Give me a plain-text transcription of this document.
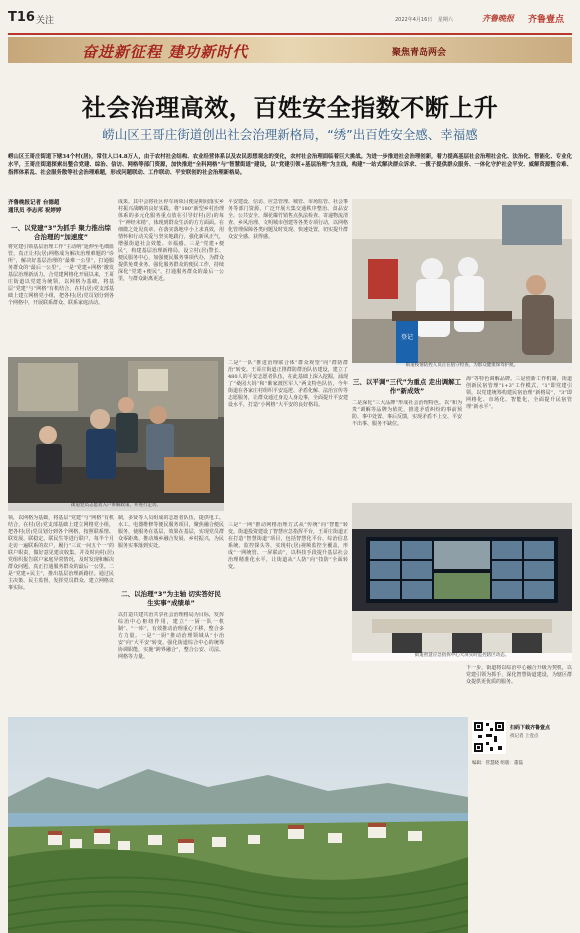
T16 关注	2022年4月16日 星期六	齐鲁晚报 齐鲁壹点
奋进新征程 建功新时代	聚焦青岛两会
社会治理高效，百姓安全指数不断上升
崂山区王哥庄街道创出社会治理新格局，“绣”出百姓安全感、幸福感
崂山区王哥庄街道下辖34个村(居)，常住人口4.8万人，由于农村社会结构、农业经营体系以及农民思想观念的变化，农村社会治理面临着巨大挑战。为进一步推进社会治理创新，着力提高基层社会治理社会化、法治化、智能化、专业化水平，王哥庄街道探索出整合党建、综治、信访、网格等部门资源，加快推进“全科网格”与“智慧街道”建设，以“党建引领+基层治理”为主线，构建“一站式解决群众诉求、一揽子提供群众服务、一体化守护社会平安、威解资源整合难、指挥体系乱、社会服务散等社会治理难题，形成问题联动、工作联动、平安联创的社会治理新格局。
齐鲁晚报记者 台德超
通讯员 李志邦 祝婷婷
一、以党建“3”为抓手 聚力推出综合治理的“加速度”
将党建引领基层治理工作“主动纳”延伸至毛细血管，真正让村(居)网格成为解决治理难题的“诊所”，解决好基层治理的“最难一公里”，打通服务群众的“最后一公里”。一是“党建+网格”激发基层治理新活力。合党建网格化开展以来，王哥庄街道以党建为统领，以网格为基础，将基层“党建”与“网格”有机结合，在村(居)党支部基础上建立网格党小组，把各村(居)党员划分到各个网格中，开展联系群众、联系家庭活动。
街道党员志愿者入户讲解政策，并进行走访。
领，以网格为基础，将基层“党建”与“网格”有机结合，在村(居)党支部基础上建立网格党小组，把各村(居)党员划分到各个网格，按照联系情、联发展、联稳定、联民生等进行联户，每半个月走访一遍联系的农户，履行“三议一问五个一”的联户职责，做好意见建议收集、并及时向村(居)党组织报告联户家庭异常情况，及时发现和解决群众问题，真正打通服务群众的最后一公里。二是“党建+民主”，推出基层治理新路径。通过民主决策、民主监督，发挥党员群众、建立网格议事实际。
成果。其中会将社区停车场项目便是期间落实乡村振兴战略的良好实践。将“180”新型乡村治理体系的多元化服务重点放在引导好村(居)的每个“神经末梢”，体现到群众生活的方方面面。在细微之处见真章、在落实落地中小上求真效，用情怀和行动关爱与坚实地践行，强化新风正气，增强街道社会效能、幸福感。三是“党建+便民”，构建基层治理新格局。设立村(居)警长、便民服务中心，加强便民服务事项代办，为群众提供免费业务、强化服务群众的便民工作，持续深化“党建+便民”，打通服务群众的最后一公里，与群众距离更近。
制，多贤等人员组成的志愿者队伍，提供电工、水工、电器维修等便民服务项目，聚焦融合便民服务，使服务在基层，效果在基层，实现党员群众零距离，推动城乡融合发展、乡村振兴，为民服务实事落到实处。
二、以治理“3”为主轴 切实答好民生实事“成绩单”
以打造共建共治共享社会治理格局为目标，发挥综治中心枢纽作用，建立“一厨一队一机制”、“一库”，有效推动治理重心下移，整合多方力量。一是“一厨”推动治理领域从“小治安”向“大平安”转变。强化街道综合中心的统筹协调职能，实施“跨界融合”，整合公安、司法、网格等力量。
平安建设、信访、应急管理、城管、市场监管、社会事务等部门资源，广泛开展大集交通秩序整治、食品安全、公共安全、烟花爆竹销售点执法检查、寄递物流清查、乡风治理、文明城市创建等各类专项行动，以网格化管理保障各类问题及时发现、快速处置，切实提升群众安全感、获得感。
二是“一队”推进治理联合体“群众观望”向“群防群治”转变。王哥庄街道正推群防群治队伍建设，建立了480人的平安志愿者队伍，在此基础上深入挖掘，涌现了“桑园大妈”和“紫家渡医军人”两支特色队伍，今年街道在各家庄村组织平安巡逻、矛盾化解、法治宣传等志愿服务，让群众通过身边人身边事，全面提升平安建设水平，打造“小网格”大平安的良好格局。
三是“一网”推动网格治理方式从“传统”向“智能”转变。街道投资建设了智慧应急指挥平台，王哥庄街道正在打造“智慧街道”项目，包括智慧化平台、综治信息系统、监控探头等，实现村(居)视频监控全覆盖，形成“一网统管、一屏联动”，以科技手段提升基层社会治理精准化水平，让街道从“人防”向“技防”全面转变。
登记
街道疫情防控人员正在值守检查，为群众健康保驾护航。
三、以平调“三代”为重点 走出调解工作“新成效”
二是深化“三大品牌”形成社会治理特色。以“和为贵”调解等品牌为依托，推进矛盾纠纷的事前预防、事中处置、事后反馈，实现矛盾不上交、平安不出事、服务不缺位。
海“等特色调解品牌。三是创新工作机制，街道创新民宿管理“1+3”工作模式，“1”即党建引领，以党建统筹构建民宿治理“新格局”，“3”即网格化、市场化、智能化，全面提升民宿管理“新水平”。
街道智慧应急指挥中心大屏实时监控辖区动态。
下一步，街道将以综治中心融合升级为契机，以党建引领为抓手，深化智慧街道建设，为辖区群众提供更优质的服务。
扫码下载齐鲁壹点
找记者 上壹点
编辑：管慧晓 组版：董磊
